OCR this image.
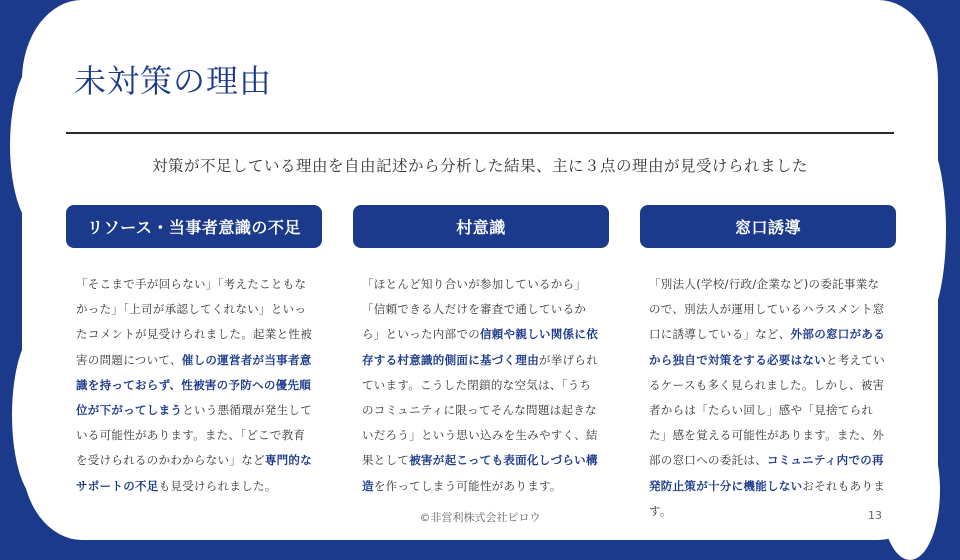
未対策の理由
対策が不足している理由を自由記述から分析した結果、主に３点の理由が見受けられました
リソース・当事者意識の不足	村意識	窓口誘導
「そこまで手が回らない」「考えたこともなかった」「上司が承認してくれない」といったコメントが見受けられました。起業と性被害の問題について、催しの運営者が当事者意識を持っておらず、性被害の予防への優先順位が下がってしまうという悪循環が発生している可能性があります。また、「どこで教育を受けられるのかわからない」など専門的なサポートの不足も見受けられました。
「ほとんど知り合いが参加しているから」「信頼できる人だけを審査で通しているから」といった内部での信頼や親しい関係に依存する村意識的側面に基づく理由が挙げられています。こうした閉鎖的な空気は、「うちのコミュニティに限ってそんな問題は起きないだろう」という思い込みを生みやすく、結果として被害が起こっても表面化しづらい構造を作ってしまう可能性があります。
「別法人(学校/行政/企業など)の委託事業なので、別法人が運用しているハラスメント窓口に誘導している」など、外部の窓口があるから独自で対策をする必要はないと考えているケースも多く見られました。しかし、被害者からは「たらい回し」感や「見捨てられた」感を覚える可能性があります。また、外部の窓口への委託は、コミュニティ内での再発防止策が十分に機能しないおそれもあります。
©非営利株式会社ピロウ	13
